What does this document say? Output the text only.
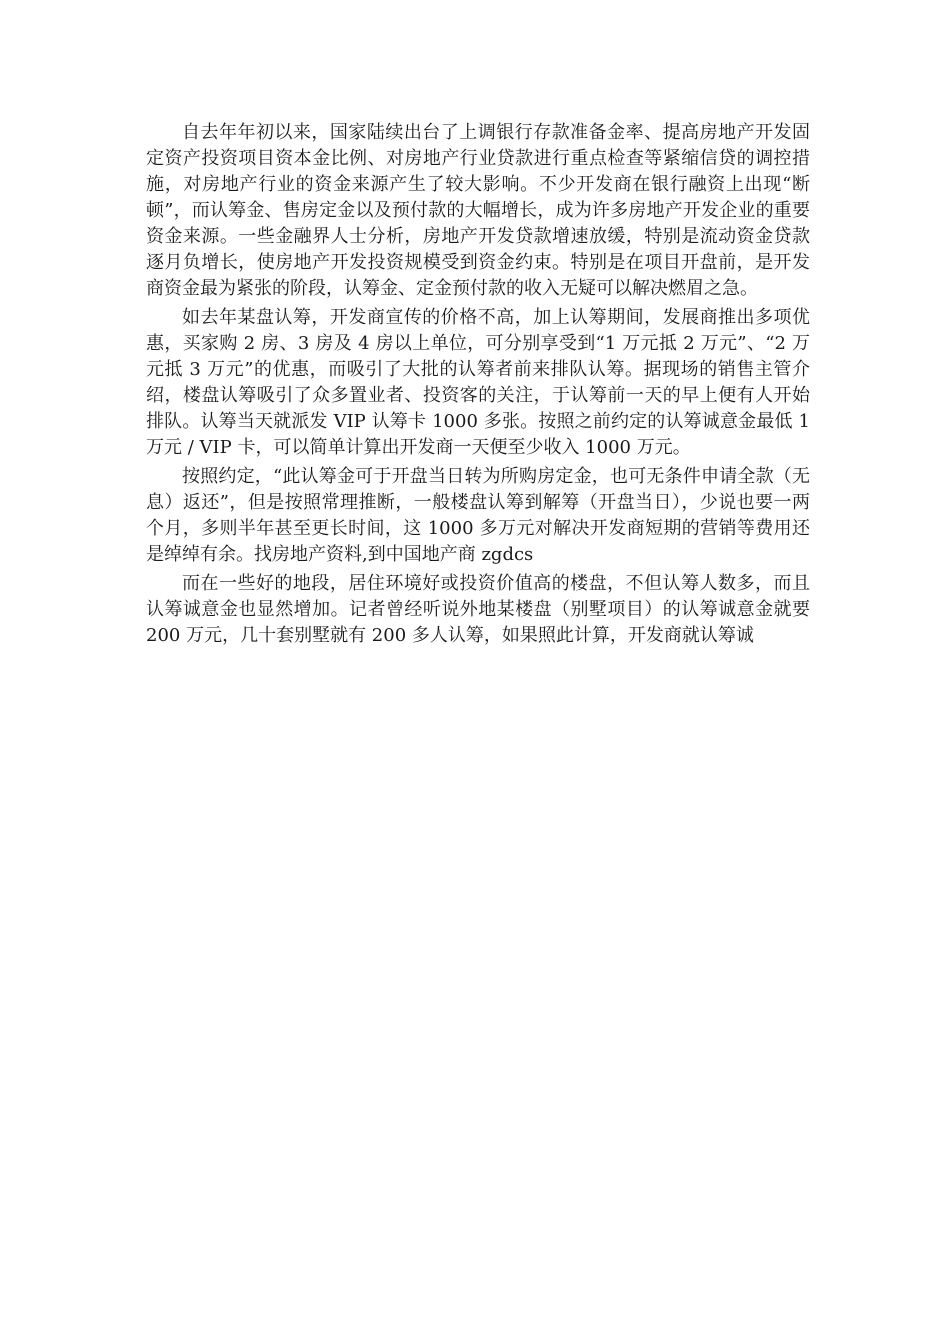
自去年年初以来，国家陆续出台了上调银行存款准备金率、提高房地产开发固定资产投资项目资本金比例、对房地产行业贷款进行重点检查等紧缩信贷的调控措施，对房地产行业的资金来源产生了较大影响。不少开发商在银行融资上出现“断顿”，而认筹金、售房定金以及预付款的大幅增长，成为许多房地产开发企业的重要资金来源。一些金融界人士分析，房地产开发贷款增速放缓，特别是流动资金贷款逐月负增长，使房地产开发投资规模受到资金约束。特别是在项目开盘前，是开发商资金最为紧张的阶段，认筹金、定金预付款的收入无疑可以解决燃眉之急。

如去年某盘认筹，开发商宣传的价格不高，加上认筹期间，发展商推出多项优惠，买家购 2 房、3 房及 4 房以上单位，可分别享受到“1 万元抵 2 万元”、“2 万元抵 3 万元”的优惠，而吸引了大批的认筹者前来排队认筹。据现场的销售主管介绍，楼盘认筹吸引了众多置业者、投资客的关注，于认筹前一天的早上便有人开始排队。认筹当天就派发 VIP 认筹卡 1000 多张。按照之前约定的认筹诚意金最低 1 万元 / VIP 卡，可以简单计算出开发商一天便至少收入 1000 万元。

按照约定，“此认筹金可于开盘当日转为所购房定金，也可无条件申请全款（无息）返还”，但是按照常理推断，一般楼盘认筹到解筹（开盘当日），少说也要一两个月，多则半年甚至更长时间，这 1000 多万元对解决开发商短期的营销等费用还是绰绰有余。找房地产资料,到中国地产商 zgdcs

而在一些好的地段，居住环境好或投资价值高的楼盘，不但认筹人数多，而且认筹诚意金也显然增加。记者曾经听说外地某楼盘（别墅项目）的认筹诚意金就要 200 万元，几十套别墅就有 200 多人认筹，如果照此计算，开发商就认筹诚
